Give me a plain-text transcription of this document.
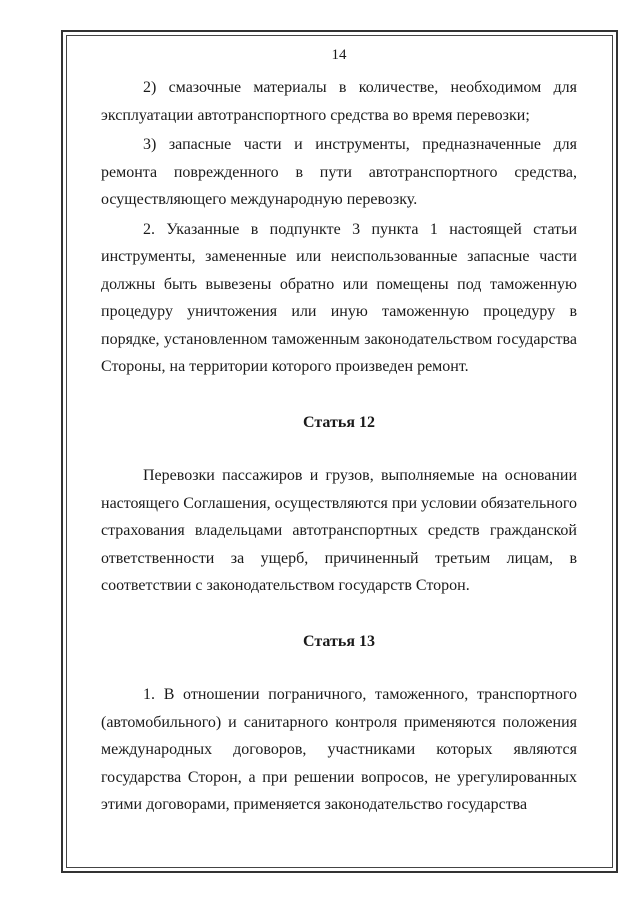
14

2) смазочные материалы в количестве, необходимом для эксплуатации автотранспортного средства во время перевозки;

3) запасные части и инструменты, предназначенные для ремонта поврежденного в пути автотранспортного средства, осуществляющего международную перевозку.

2. Указанные в подпункте 3 пункта 1 настоящей статьи инструменты, замененные или неиспользованные запасные части должны быть вывезены обратно или помещены под таможенную процедуру уничтожения или иную таможенную процедуру в порядке, установленном таможенным законодательством государства Стороны, на территории которого произведен ремонт.

Статья 12

Перевозки пассажиров и грузов, выполняемые на основании настоящего Соглашения, осуществляются при условии обязательного страхования владельцами автотранспортных средств гражданской ответственности за ущерб, причиненный третьим лицам, в соответствии с законодательством государств Сторон.

Статья 13

1. В отношении пограничного, таможенного, транспортного (автомобильного) и санитарного контроля применяются положения международных договоров, участниками которых являются государства Сторон, а при решении вопросов, не урегулированных этими договорами, применяется законодательство государства
